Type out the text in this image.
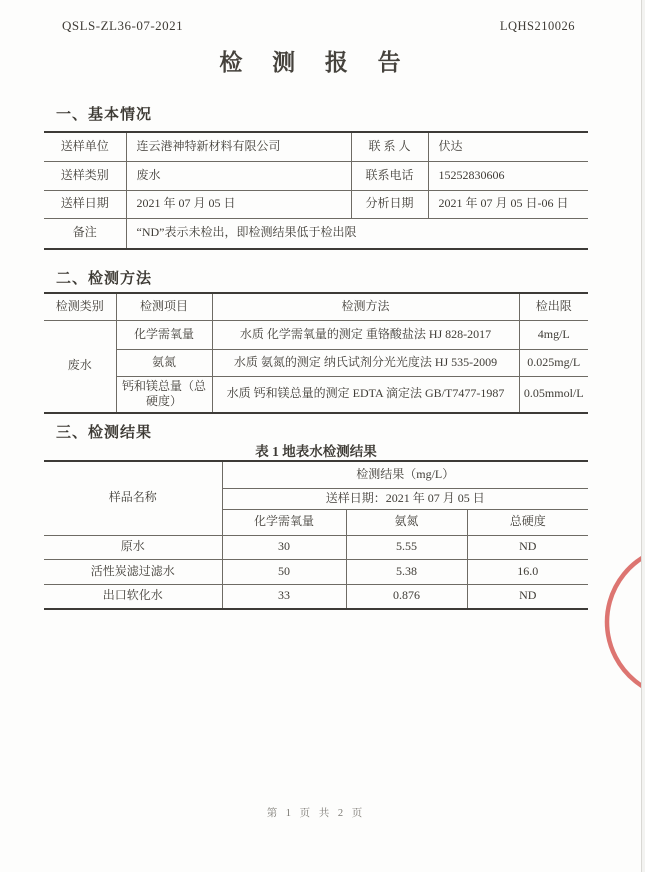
QSLS-ZL36-07-2021	LQHS210026
检 测 报 告
一、基本情况
送样单位	连云港神特新材料有限公司	联 系 人	伏达
送样类别	废水	联系电话	15252830606
送样日期	2021 年 07 月 05 日	分析日期	2021 年 07 月 05 日-06 日
备注	“ND”表示未检出，即检测结果低于检出限		
二、检测方法
检测类别	检测项目	检测方法	检出限
废水	化学需氧量	水质 化学需氧量的测定 重铬酸盐法 HJ 828-2017	4mg/L
	氨氮	水质 氨氮的测定 纳氏试剂分光光度法 HJ 535-2009	0.025mg/L
	钙和镁总量（总硬度）	水质 钙和镁总量的测定 EDTA 滴定法 GB/T7477-1987	0.05mmol/L
三、检测结果
表 1 地表水检测结果
样品名称	检测结果（mg/L）		
	送样日期：2021 年 07 月 05 日		
	化学需氧量	氨氮	总硬度
原水	30	5.55	ND
活性炭滤过滤水	50	5.38	16.0
出口软化水	33	0.876	ND
第 1 页 共 2 页
